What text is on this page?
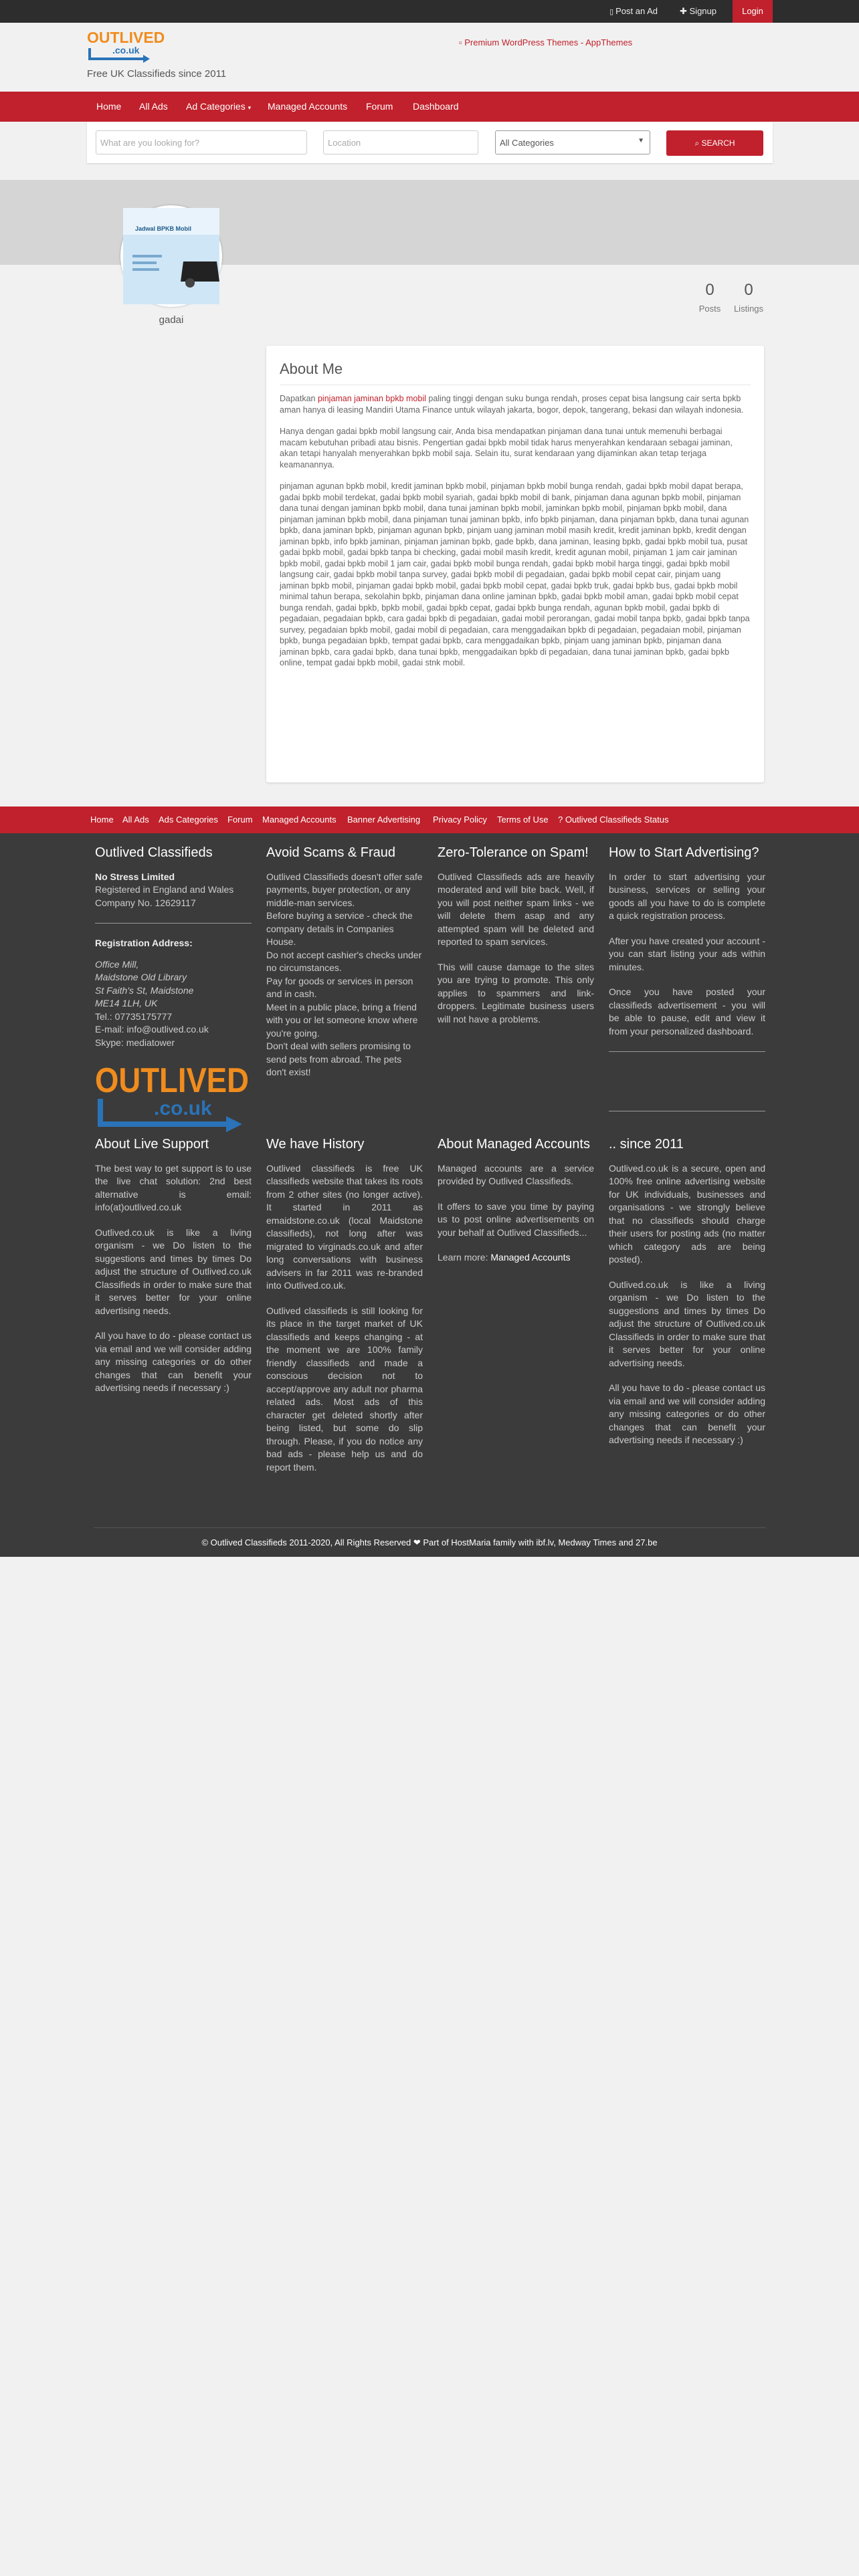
▯ Post an Ad	✚ Signup	Login
OUTLIVED
.co.uk
Free UK Classifieds since 2011
▫ Premium WordPress Themes - AppThemes
Home All Ads Ad Categories ▾ Managed Accounts Forum Dashboard
What are you looking for?	Location	All Categories	▼	⌕ SEARCH
Jadwal BPKB Mobil
gadai
0
Posts
0
Listings
About Me

Dapatkan pinjaman jaminan bpkb mobil paling tinggi dengan suku bunga rendah, proses cepat bisa langsung cair serta bpkb aman hanya di leasing Mandiri Utama Finance untuk wilayah jakarta, bogor, depok, tangerang, bekasi dan wilayah indonesia.

Hanya dengan gadai bpkb mobil langsung cair, Anda bisa mendapatkan pinjaman dana tunai untuk memenuhi berbagai macam kebutuhan pribadi atau bisnis. Pengertian gadai bpkb mobil tidak harus menyerahkan kendaraan sebagai jaminan, akan tetapi hanyalah menyerahkan bpkb mobil saja. Selain itu, surat kendaraan yang dijaminkan akan tetap terjaga keamanannya.

pinjaman agunan bpkb mobil, kredit jaminan bpkb mobil, pinjaman bpkb mobil bunga rendah, gadai bpkb mobil dapat berapa, gadai bpkb mobil terdekat, gadai bpkb mobil syariah, gadai bpkb mobil di bank, pinjaman dana agunan bpkb mobil, pinjaman dana tunai dengan jaminan bpkb mobil, dana tunai jaminan bpkb mobil, jaminkan bpkb mobil, pinjaman bpkb mobil, dana pinjaman jaminan bpkb mobil, dana pinjaman tunai jaminan bpkb, info bpkb pinjaman, dana pinjaman bpkb, dana tunai agunan bpkb, dana jaminan bpkb, pinjaman agunan bpkb, pinjam uang jaminan mobil masih kredit, kredit jaminan bpkb, kredit dengan jaminan bpkb, info bpkb jaminan, pinjaman jaminan bpkb, gade bpkb, dana jaminan, leasing bpkb, gadai bpkb mobil tua, pusat gadai bpkb mobil, gadai bpkb tanpa bi checking, gadai mobil masih kredit, kredit agunan mobil, pinjaman 1 jam cair jaminan bpkb mobil, gadai bpkb mobil 1 jam cair, gadai bpkb mobil bunga rendah, gadai bpkb mobil harga tinggi, gadai bpkb mobil langsung cair, gadai bpkb mobil tanpa survey, gadai bpkb mobil di pegadaian, gadai bpkb mobil cepat cair, pinjam uang jaminan bpkb mobil, pinjaman gadai bpkb mobil, gadai bpkb mobil cepat, gadai bpkb truk, gadai bpkb bus, gadai bpkb mobil minimal tahun berapa, sekolahin bpkb, pinjaman dana online jaminan bpkb, gadai bpkb mobil aman, gadai bpkb mobil cepat bunga rendah, gadai bpkb, bpkb mobil, gadai bpkb cepat, gadai bpkb bunga rendah, agunan bpkb mobil, gadai bpkb di pegadaian, pegadaian bpkb, cara gadai bpkb di pegadaian, gadai mobil perorangan, gadai mobil tanpa bpkb, gadai bpkb tanpa survey, pegadaian bpkb mobil, gadai mobil di pegadaian, cara menggadaikan bpkb di pegadaian, pegadaian mobil, pinjaman bpkb, bunga pegadaian bpkb, tempat gadai bpkb, cara menggadaikan bpkb, pinjam uang jaminan bpkb, pinjaman dana jaminan bpkb, cara gadai bpkb, dana tunai bpkb, menggadaikan bpkb di pegadaian, dana tunai jaminan bpkb, gadai bpkb online, tempat gadai bpkb mobil, gadai stnk mobil.

Home All Ads Ads Categories Forum Managed Accounts Banner Advertising Privacy Policy Terms of Use ? Outlived Classifieds Status
Outlived Classifieds
No Stress Limited
Registered in England and Wales
Company No. 12629117
Registration Address:
Office Mill,
Maidstone Old Library
St Faith's St, Maidstone
ME14 1LH, UK
Tel.: 07735175777
E-mail: info@outlived.co.uk
Skype: mediatower
OUTLIVED
.co.uk
Avoid Scams & Fraud
Outlived Classifieds doesn't offer safe payments, buyer protection, or any middle-man services.
Before buying a service - check the company details in Companies House.
Do not accept cashier's checks under no circumstances.
Pay for goods or services in person and in cash.
Meet in a public place, bring a friend with you or let someone know where you're going.
Don't deal with sellers promising to send pets from abroad. The pets don't exist!
Zero-Tolerance on Spam!

Outlived Classifieds ads are heavily moderated and will bite back. Well, if you will post neither spam links - we will delete them asap and any attempted spam will be deleted and reported to spam services.

This will cause damage to the sites you are trying to promote. This only applies to spammers and link-droppers. Legitimate business users will not have a problems.

How to Start Advertising?

In order to start advertising your business, services or selling your goods all you have to do is complete a quick registration process.

After you have created your account - you can start listing your ads within minutes.

Once you have posted your classifieds advertisement - you will be able to pause, edit and view it from your personalized dashboard.

About Live Support

The best way to get support is to use the live chat solution: 2nd best alternative is email: info(at)outlived.co.uk

Outlived.co.uk is like a living organism - we Do listen to the suggestions and times by times Do adjust the structure of Outlived.co.uk Classifieds in order to make sure that it serves better for your online advertising needs.

All you have to do - please contact us via email and we will consider adding any missing categories or do other changes that can benefit your advertising needs if necessary :)

We have History

Outlived classifieds is free UK classifieds website that takes its roots from 2 other sites (no longer active). It started in 2011 as emaidstone.co.uk (local Maidstone classifieds), not long after was migrated to virginads.co.uk and after long conversations with business advisers in far 2011 was re-branded into Outlived.co.uk.

Outlived classifieds is still looking for its place in the target market of UK classifieds and keeps changing - at the moment we are 100% family friendly classifieds and made a conscious decision not to accept/approve any adult nor pharma related ads. Most ads of this character get deleted shortly after being listed, but some do slip through. Please, if you do notice any bad ads - please help us and do report them.

About Managed Accounts

Managed accounts are a service provided by Outlived Classifieds.

It offers to save you time by paying us to post online advertisements on your behalf at Outlived Classifieds...

Learn more: Managed Accounts

.. since 2011

Outlived.co.uk is a secure, open and 100% free online advertising website for UK individuals, businesses and organisations - we strongly believe that no classifieds should charge their users for posting ads (no matter which category ads are being posted).

Outlived.co.uk is like a living organism - we Do listen to the suggestions and times by times Do adjust the structure of Outlived.co.uk Classifieds in order to make sure that it serves better for your online advertising needs.

All you have to do - please contact us via email and we will consider adding any missing categories or do other changes that can benefit your advertising needs if necessary :)

© Outlived Classifieds 2011-2020, All Rights Reserved ❤ Part of HostMaria family with ibf.lv, Medway Times and 27.be
